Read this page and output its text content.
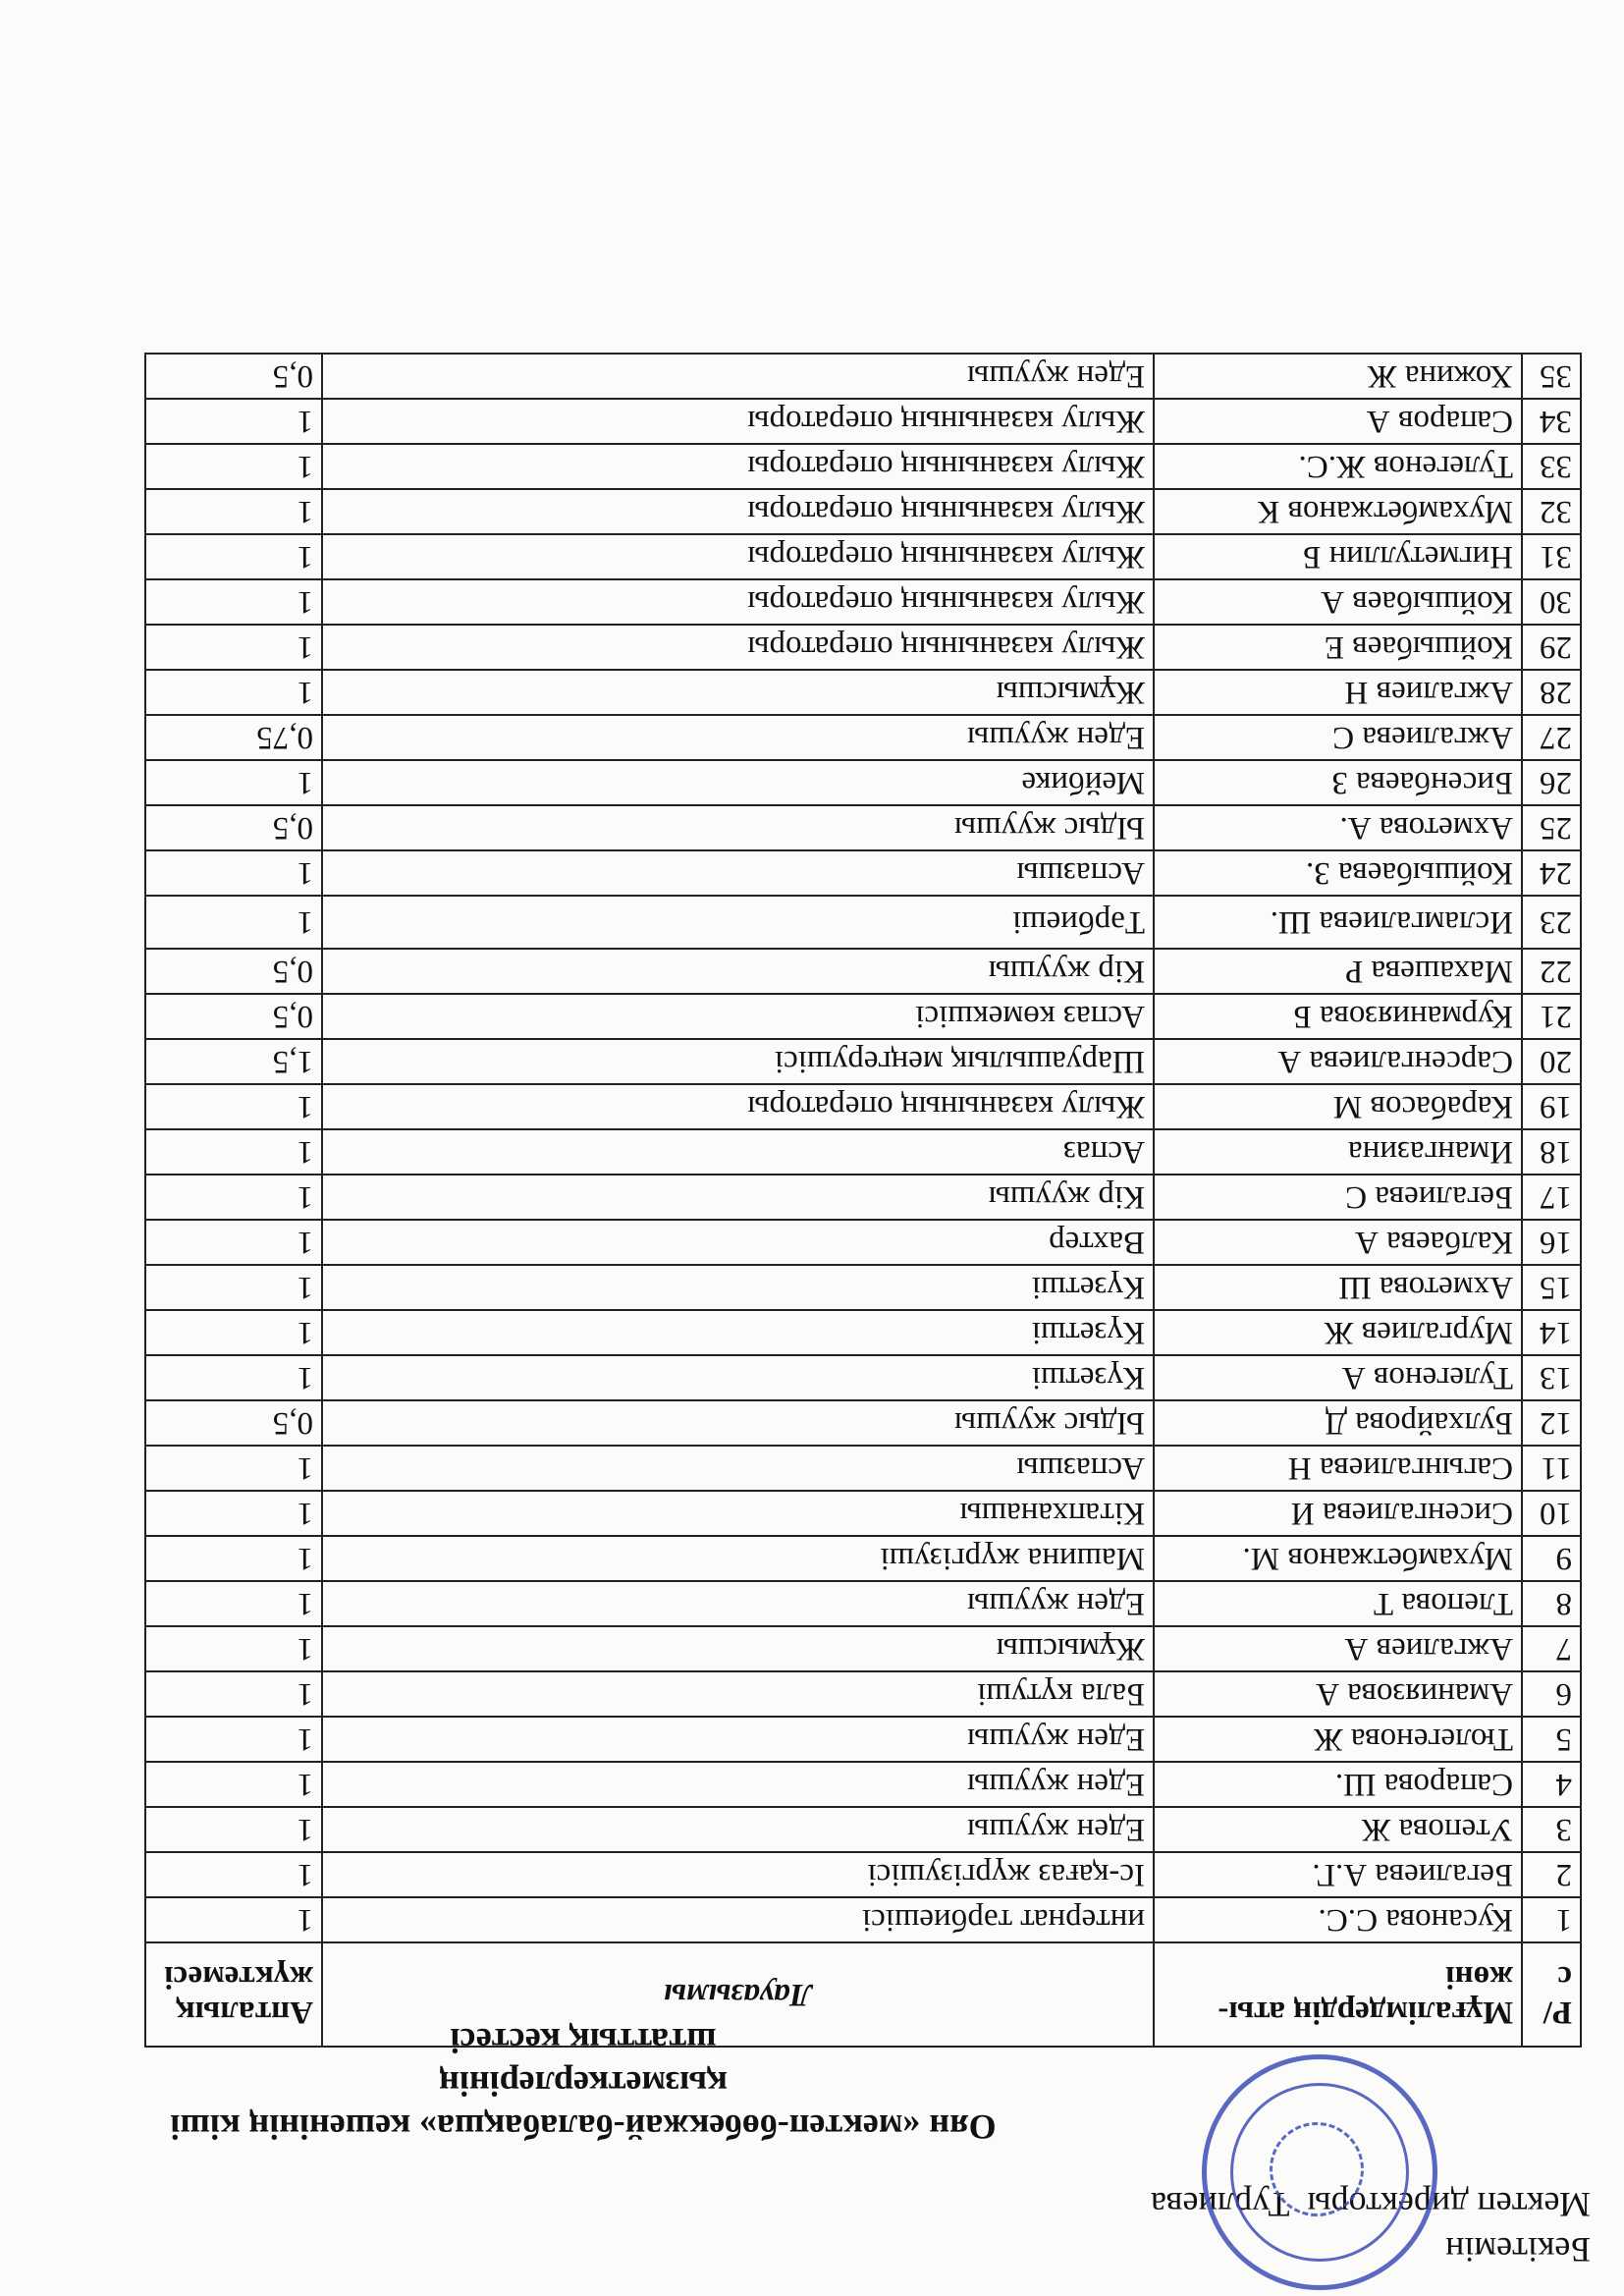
Бекітемін
Мектеп директоры
Турлиева
Оян «мектеп-бөбекжай-балабақша» кешенінің кіші қызметкерлерінің
штаттық кестесі
Р/с	Мұғалімдердің аты-жөні	Лауазымы	Апталық жүктемесі
1	Кусанова С.С.	интернат тәрбиешісі	1
2	Бегалиева А.Г.	Іс-қағаз жүргізушісі	1
3	Утепова Ж	Еден жуушы	1
4	Сапарова Ш.	Еден жуушы	1
5	Тюлегенова Ж	Еден жуушы	1
6	Аманиязова А	Бала күтуші	1
7	Ажгалиев А	Жұмысшы	1
8	Тлепова Т	Еден жуушы	1
9	Мухамбетжанов М.	Машина жүргізуші	1
10	Сисенгалиева И	Кітапханашы	1
11	Сагынгалиева Н	Аспазшы	1
12	Булхайрова Д	Ыдыс жуушы	0,5
13	Тулегенов А	Күзетші	1
14	Мургалиев Ж	Күзетші	1
15	Ахметова Ш	Күзетші	1
16	Калбаева А	Вахтер	1
17	Бегалиева С	Кір жуушы	1
18	Имангазина	Аспаз	1
19	Карабасов М	Жылу казанының операторы	1
20	Сарсенгалиева А	Шаруашылық меңгерушісі	1,5
21	Курманиязова Б	Аспаз көмекшісі	0,5
22	Махашева Р	Кір жуушы	0,5
23	Исламгалиева Ш.	Тәрбиеші	1
24	Койшыбаева З.	Аспазшы	1
25	Ахметова А.	Ыдыс жуушы	0,5
26	Бисенбаева З	Мейбике	1
27	Ажгалиева С	Еден жуушы	0,75
28	Ажгалиев Н	Жұмысшы	1
29	Койшыбаев Е	Жылу казанының операторы	1
30	Койшыбаев А	Жылу казанының операторы	1
31	Нигметуллин Б	Жылу казанының операторы	1
32	Мухамбетжанов К	Жылу казанының операторы	1
33	Тулегенов Ж.С.	Жылу казанының операторы	1
34	Сапаров А	Жылу казанының операторы	1
35	Хожина Ж	Еден жуушы	0,5
